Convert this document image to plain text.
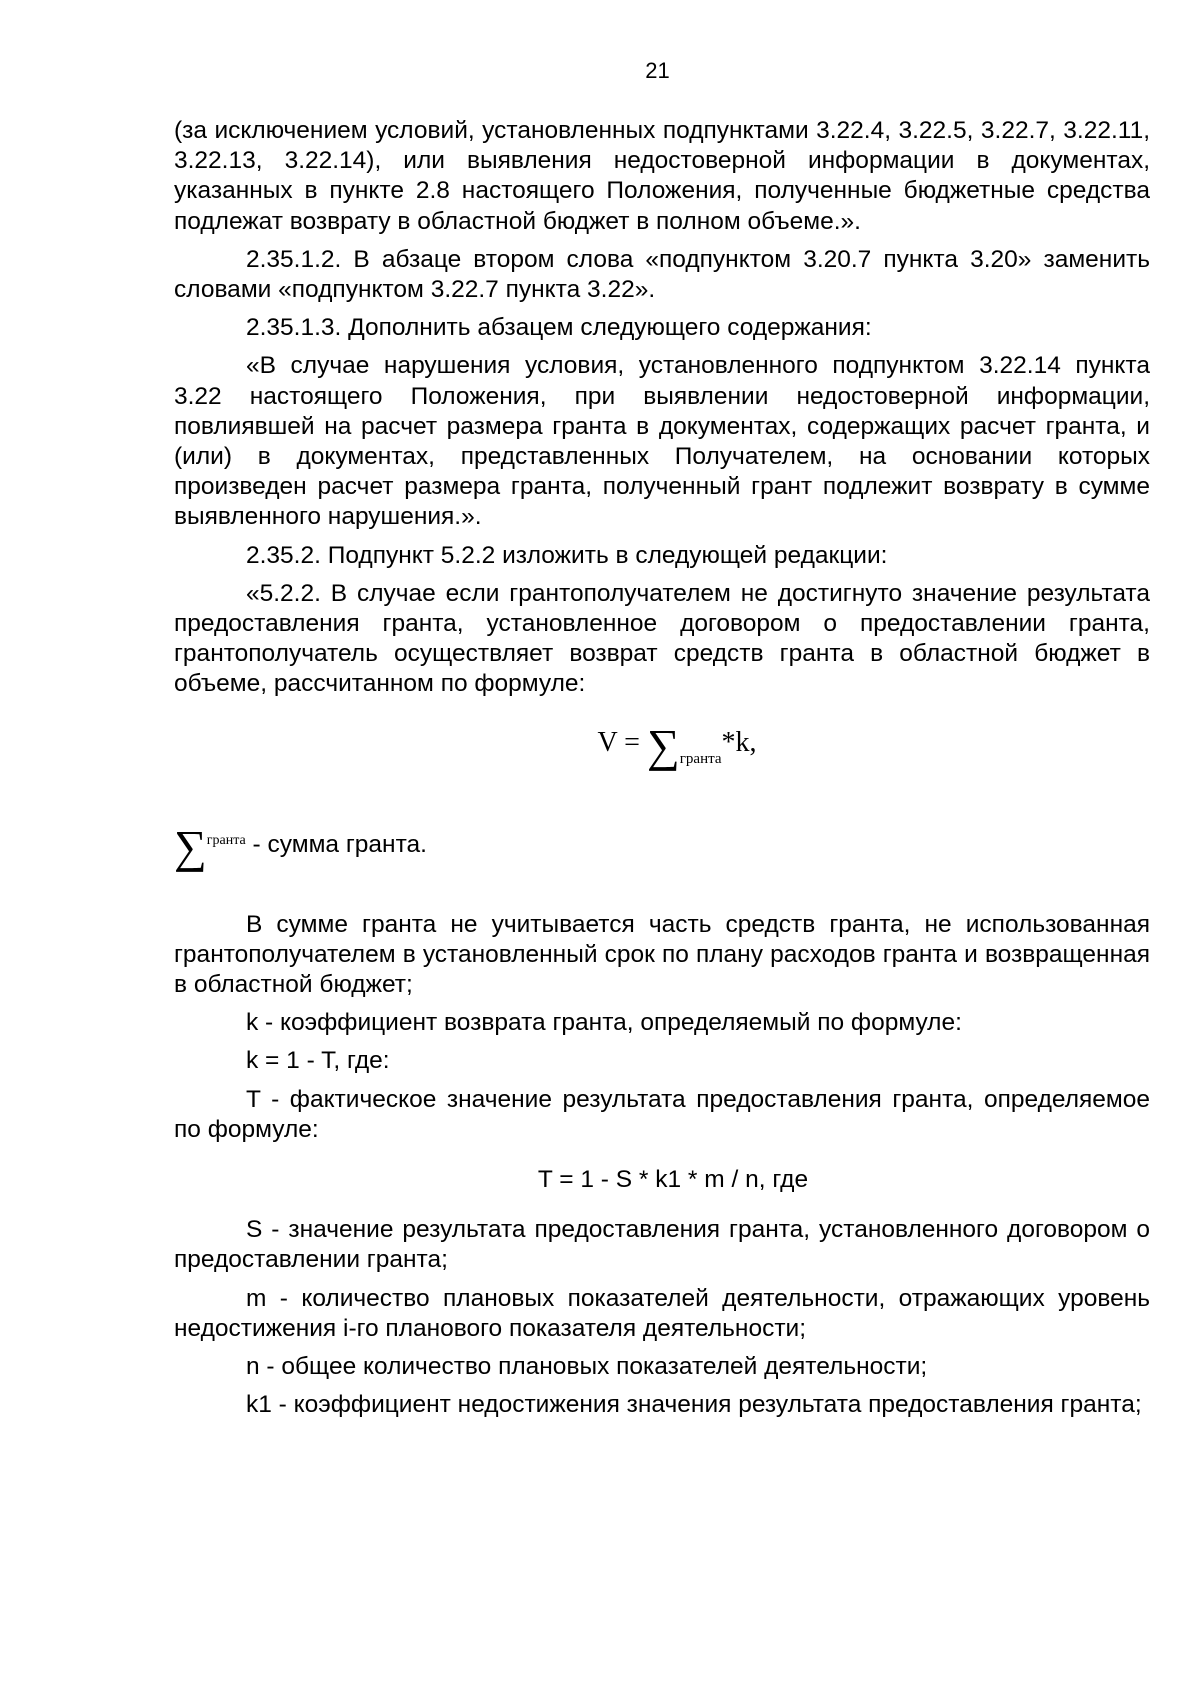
21

(за исключением условий, установленных подпунктами 3.22.4, 3.22.5, 3.22.7, 3.22.11, 3.22.13, 3.22.14), или выявления недостоверной информации в документах, указанных в пункте 2.8 настоящего Положения, полученные бюджетные средства подлежат возврату в областной бюджет в полном объеме.».

2.35.1.2. В абзаце втором слова «подпунктом 3.20.7 пункта 3.20» заменить словами «подпунктом 3.22.7 пункта 3.22».

2.35.1.3. Дополнить абзацем следующего содержания:

«В случае нарушения условия, установленного подпунктом 3.22.14 пункта 3.22 настоящего Положения, при выявлении недостоверной информации, повлиявшей на расчет размера гранта в документах, содержащих расчет гранта, и (или) в документах, представленных Получателем, на основании которых произведен расчет размера гранта, полученный грант подлежит возврату в сумме выявленного нарушения.».

2.35.2. Подпункт 5.2.2 изложить в следующей редакции:

«5.2.2. В случае если грантополучателем не достигнуто значение результата предоставления гранта, установленное договором о предоставлении гранта, грантополучатель осуществляет возврат средств гранта в областной бюджет в объеме, рассчитанном по формуле:

$V = \sum_{гранта}*k$,
∑$^{гранта}$ - сумма гранта.

В сумме гранта не учитывается часть средств гранта, не использованная грантополучателем в установленный срок по плану расходов гранта и возвращенная в областной бюджет;

k - коэффициент возврата гранта, определяемый по формуле:

k = 1 - T, где:

T - фактическое значение результата предоставления гранта, определяемое по формуле:

T = 1 - S * k1 * m / n, где

S - значение результата предоставления гранта, установленного договором о предоставлении гранта;

m - количество плановых показателей деятельности, отражающих уровень недостижения i-го планового показателя деятельности;

n - общее количество плановых показателей деятельности;

k1 - коэффициент недостижения значения результата предоставления гранта;
